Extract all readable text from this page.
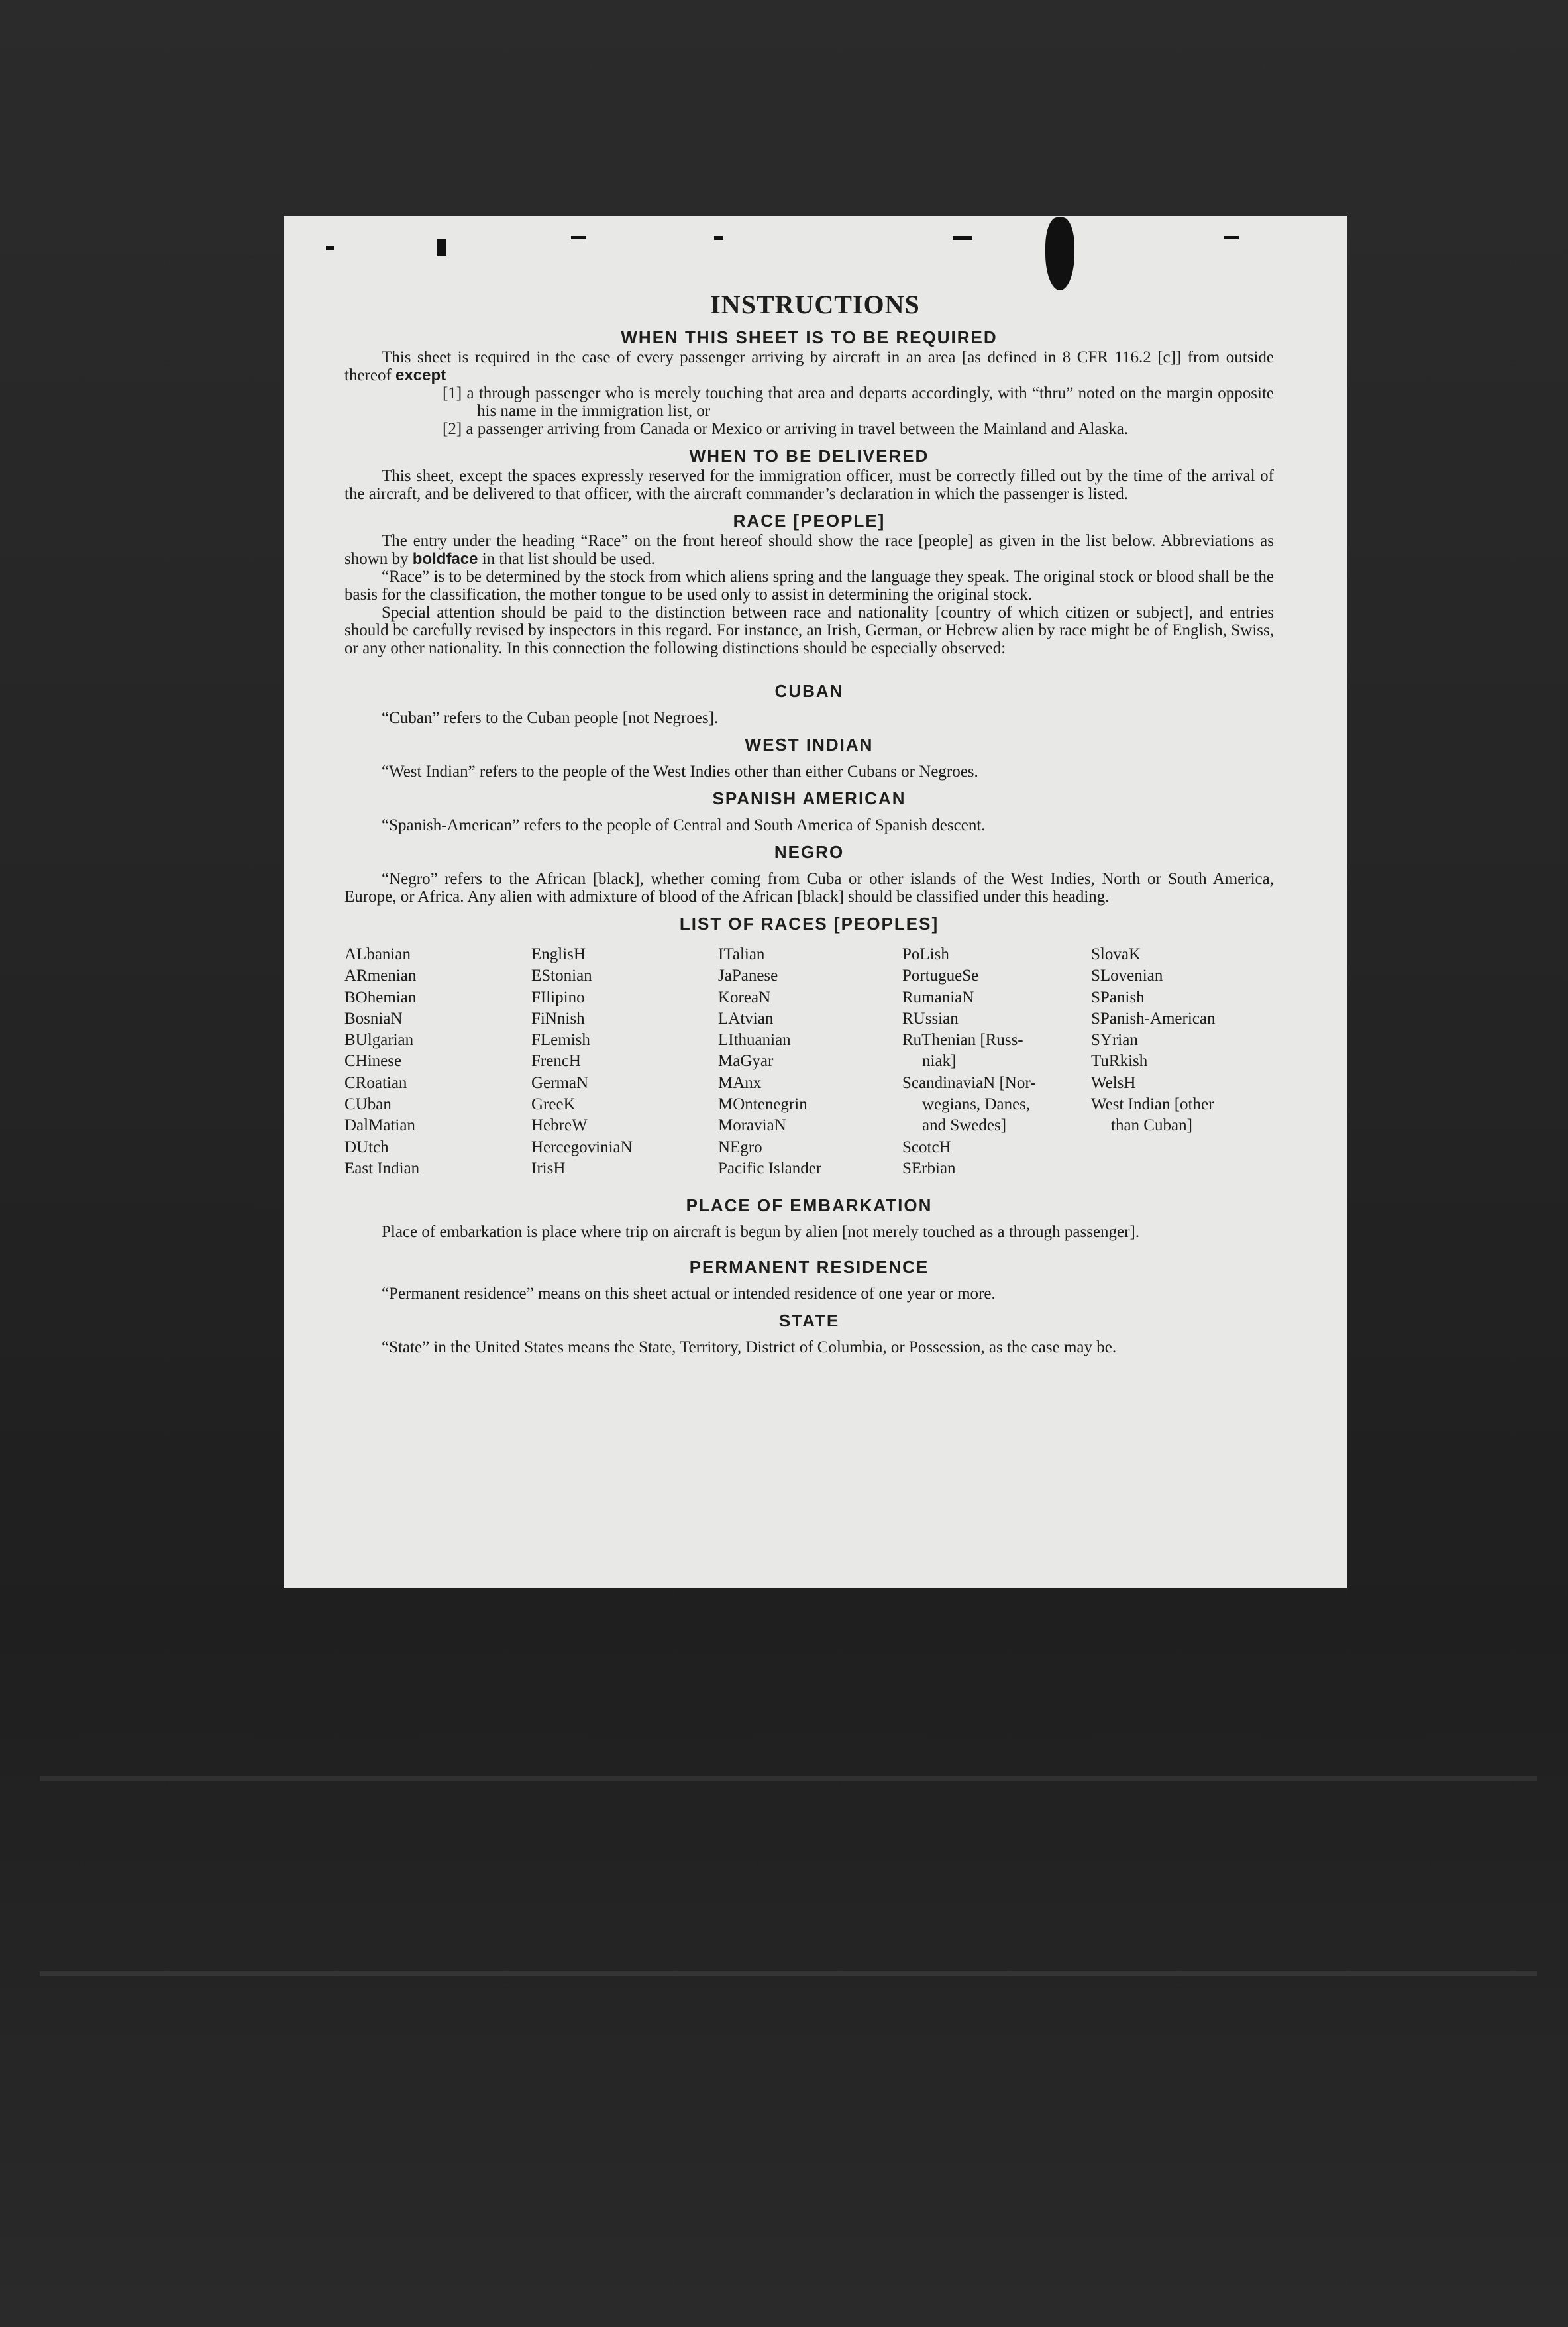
INSTRUCTIONS

WHEN THIS SHEET IS TO BE REQUIRED

This sheet is required in the case of every passenger arriving by aircraft in an area [as defined in 8 CFR 116.2 [c]] from outside thereof except

[1] a through passenger who is merely touching that area and departs accordingly, with “thru” noted on the margin opposite his name in the immigration list, or

[2] a passenger arriving from Canada or Mexico or arriving in travel between the Mainland and Alaska.

WHEN TO BE DELIVERED

This sheet, except the spaces expressly reserved for the immigration officer, must be correctly filled out by the time of the arrival of the aircraft, and be delivered to that officer, with the aircraft commander’s declaration in which the passenger is listed.

RACE [PEOPLE]

The entry under the heading “Race” on the front hereof should show the race [people] as given in the list below. Abbreviations as shown by boldface in that list should be used.

“Race” is to be determined by the stock from which aliens spring and the language they speak. The original stock or blood shall be the basis for the classification, the mother tongue to be used only to assist in determining the original stock.

Special attention should be paid to the distinction between race and nationality [country of which citizen or subject], and entries should be carefully revised by inspectors in this regard. For instance, an Irish, German, or Hebrew alien by race might be of English, Swiss, or any other nationality. In this connection the following distinctions should be especially observed:

CUBAN

“Cuban” refers to the Cuban people [not Negroes].

WEST INDIAN

“West Indian” refers to the people of the West Indies other than either Cubans or Negroes.

SPANISH AMERICAN

“Spanish-American” refers to the people of Central and South America of Spanish descent.

NEGRO

“Negro” refers to the African [black], whether coming from Cuba or other islands of the West Indies, North or South America, Europe, or Africa. Any alien with admixture of blood of the African [black] should be classified under this heading.

LIST OF RACES [PEOPLES]

ALbanian
ARmenian
BOhemian
BosniaN
BUlgarian
CHinese
CRoatian
CUban
DalMatian
DUtch
East Indian
EnglisH
EStonian
FIlipino
FiNnish
FLemish
FrencH
GermaN
GreeK
HebreW
HercegoviniaN
IrisH
ITalian
JaPanese
KoreaN
LAtvian
LIthuanian
MaGyar
MAnx
MOntenegrin
MoraviaN
NEgro
Pacific Islander
PoLish
PortugueSe
RumaniaN
RUssian
RuThenian [Russ-
niak]
ScandinaviaN [Nor-
wegians, Danes,
and Swedes]
ScotcH
SErbian
SlovaK
SLovenian
SPanish
SPanish-American
SYrian
TuRkish
WelsH
West Indian [other
than Cuban]

PLACE OF EMBARKATION

Place of embarkation is place where trip on aircraft is begun by alien [not merely touched as a through passenger].

PERMANENT RESIDENCE

“Permanent residence” means on this sheet actual or intended residence of one year or more.

STATE

“State” in the United States means the State, Territory, District of Columbia, or Possession, as the case may be.
